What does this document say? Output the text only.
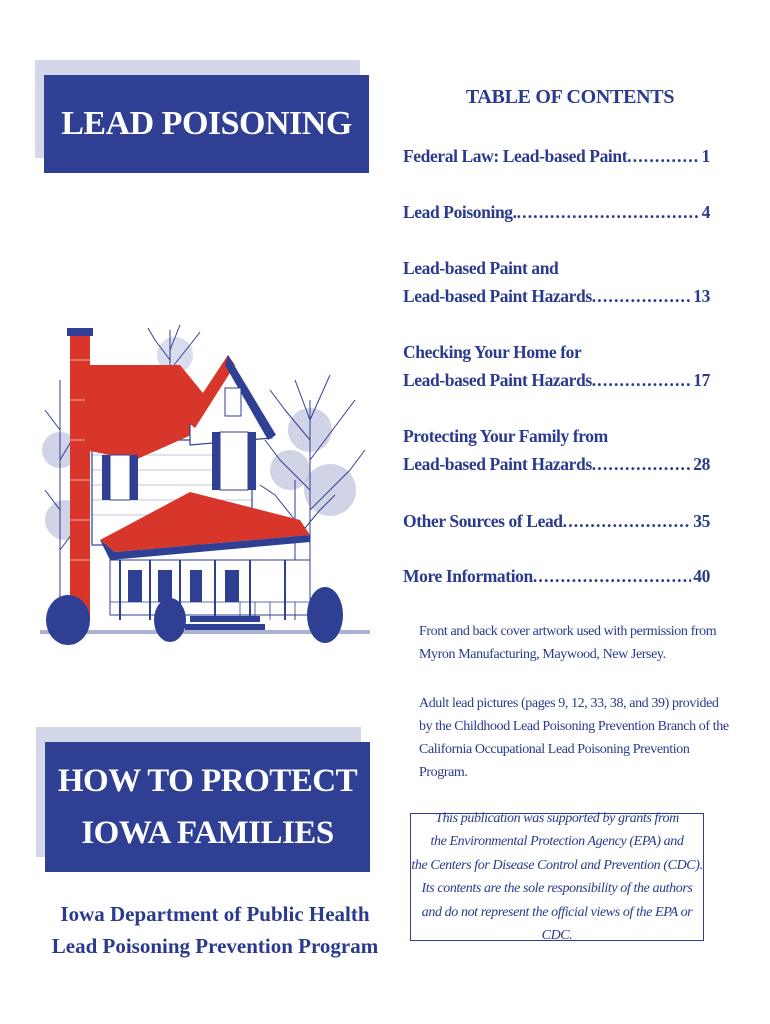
LEAD POISONING
HOW TO PROTECT
IOWA FAMILIES
Iowa Department of Public Health
Lead Poisoning Prevention Program
TABLE OF CONTENTS
Federal Law: Lead-based Paint . . .	1
Lead Poisoning. . . .	4
Lead-based Paint and
Lead-based Paint Hazards . . .	13
Checking Your Home for
Lead-based Paint Hazards . . .	17
Protecting Your Family from
Lead-based Paint Hazards . . .	28
Other Sources of Lead . . .	35
More Information . . .	40
Front and back cover artwork used with permission from
Myron Manufacturing, Maywood, New Jersey.
Adult lead pictures (pages 9, 12, 33, 38, and 39) provided
by the Childhood Lead Poisoning Prevention Branch of the
California Occupational Lead Poisoning Prevention Program.
This publication was supported by grants from
the Environmental Protection Agency (EPA) and
the Centers for Disease Control and Prevention (CDC).
Its contents are the sole responsibility of the authors
and do not represent the official views of the EPA or CDC.
